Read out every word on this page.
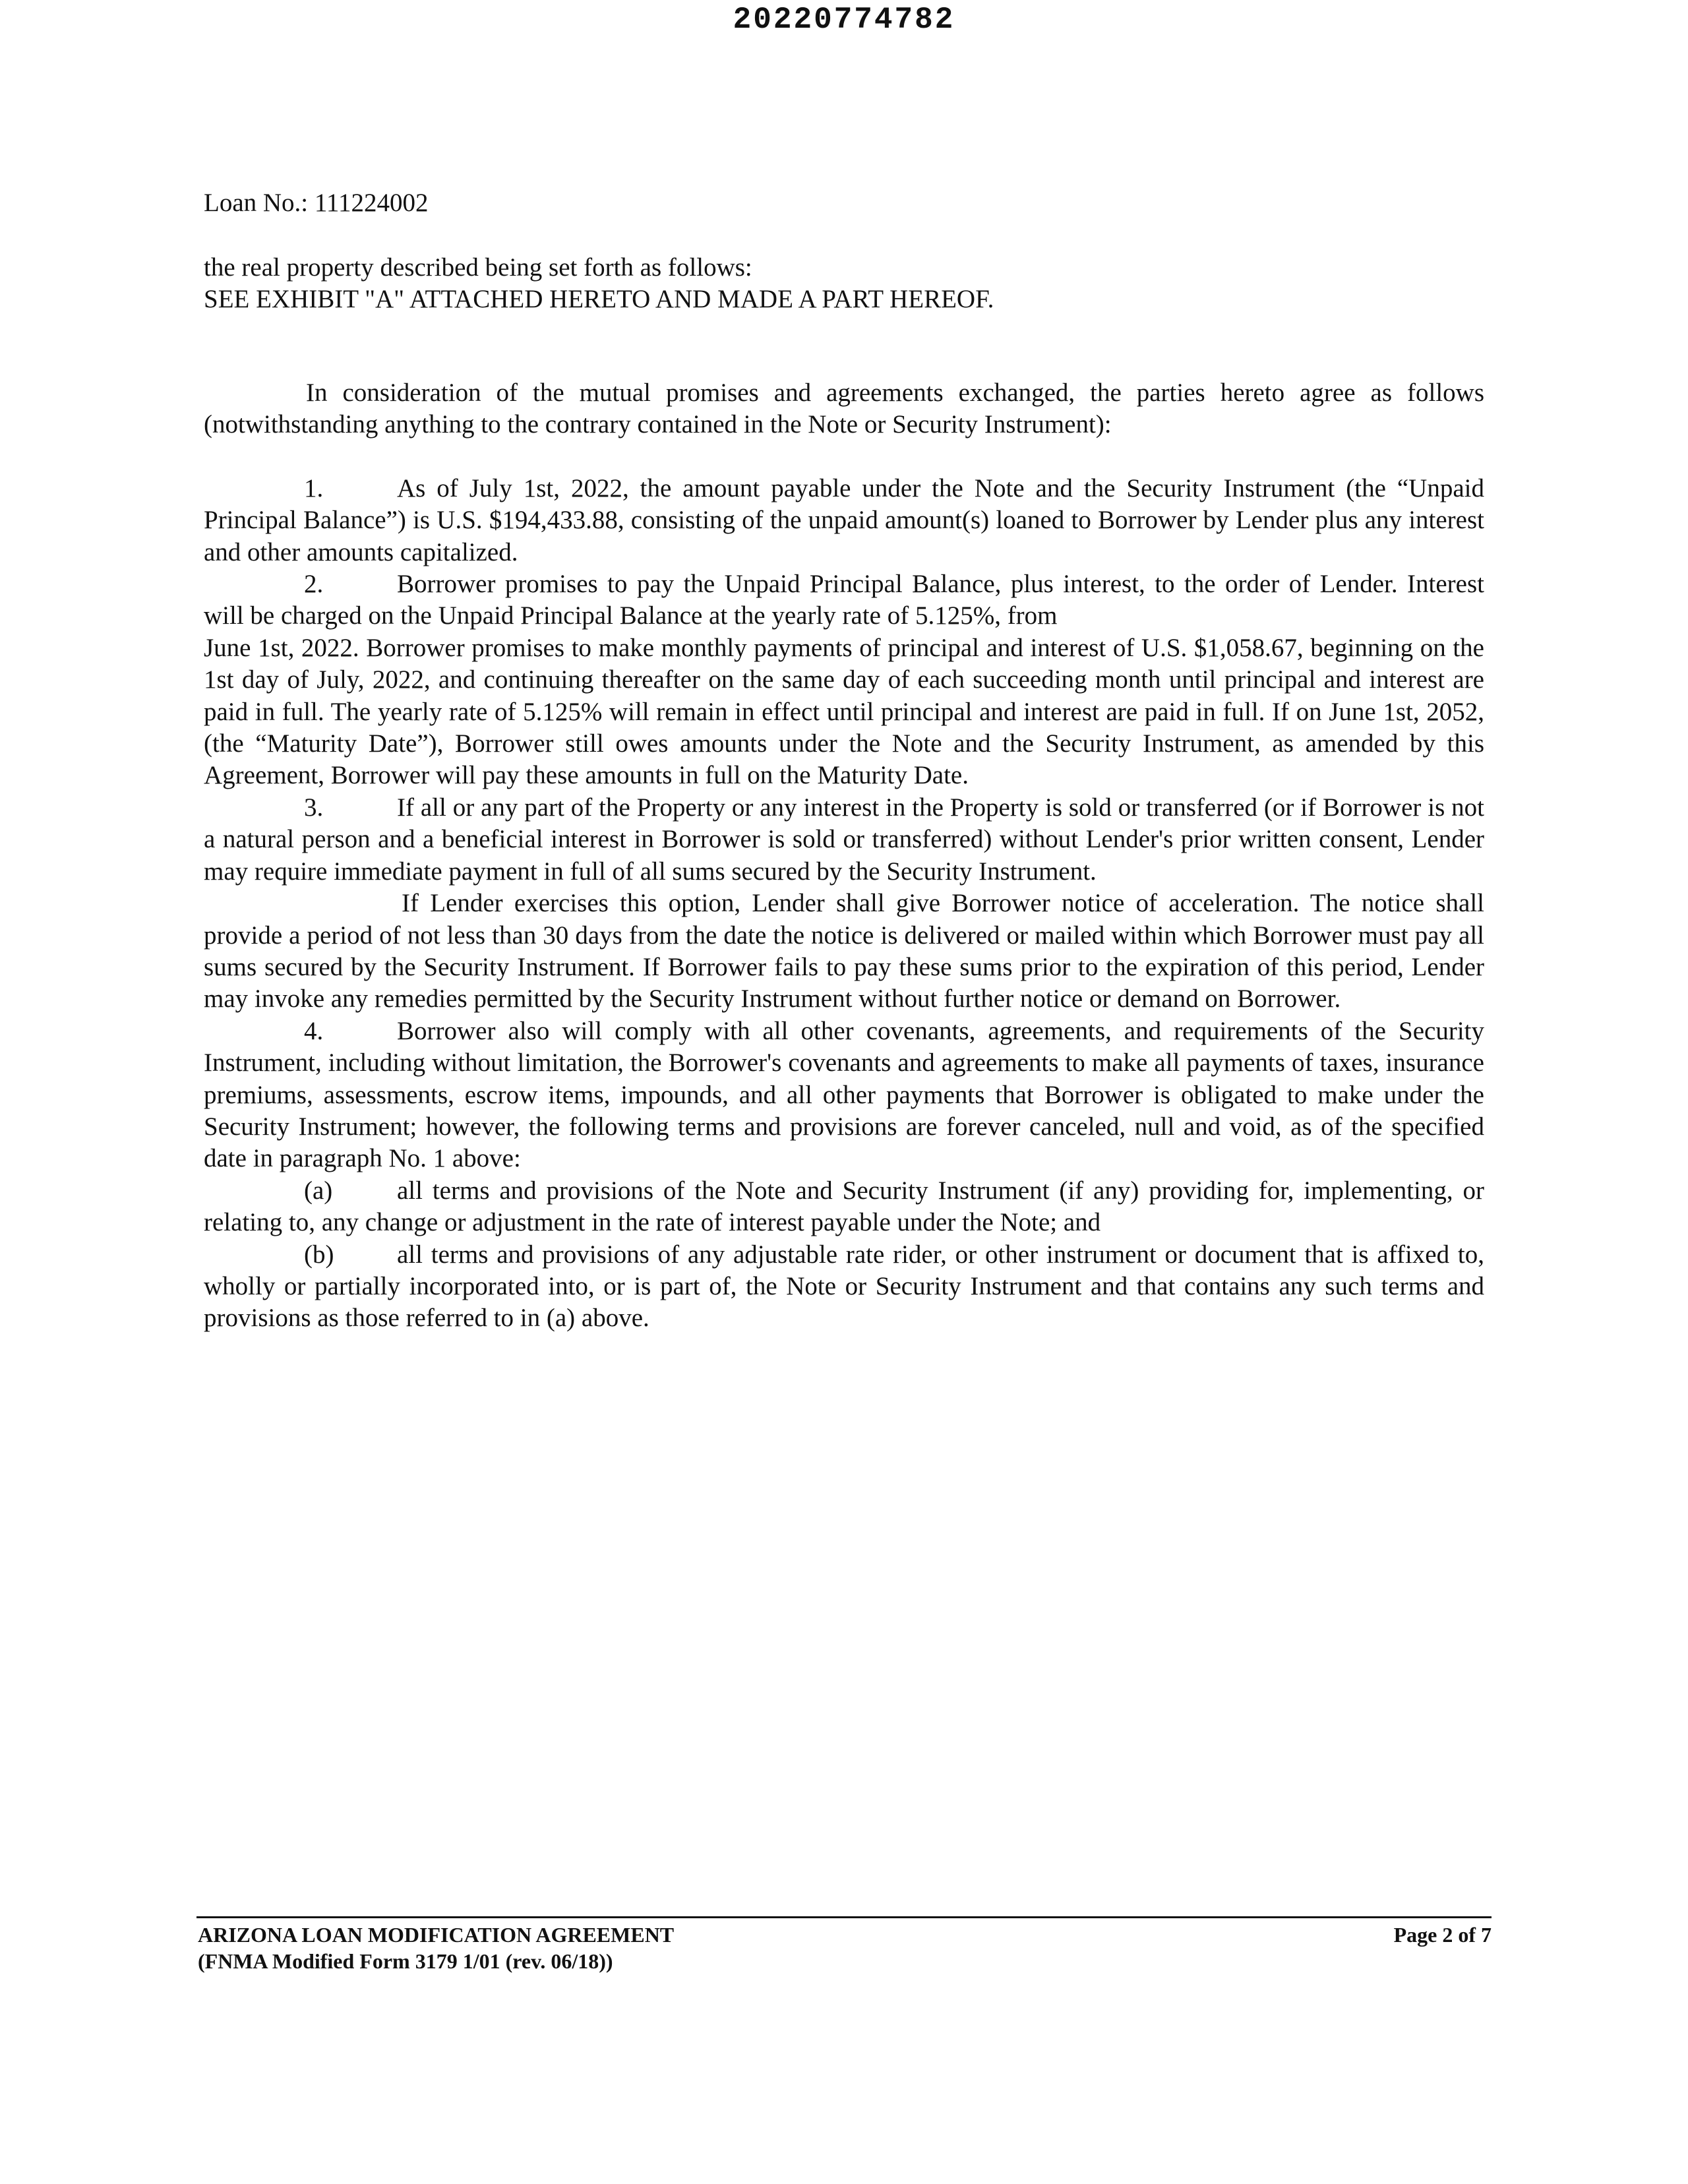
20220774782
Loan No.: 111224002
the real property described being set forth as follows:
SEE EXHIBIT "A" ATTACHED HERETO AND MADE A PART HEREOF.

In consideration of the mutual promises and agreements exchanged, the parties hereto agree as follows (notwithstanding anything to the contrary contained in the Note or Security Instrument):

1.	As of July 1st, 2022, the amount payable under the Note and the Security Instrument (the “Unpaid Principal Balance”) is U.S. $194,433.88, consisting of the unpaid amount(s) loaned to Borrower by Lender plus any interest and other amounts capitalized.

2.	Borrower promises to pay the Unpaid Principal Balance, plus interest, to the order of Lender. Interest will be charged on the Unpaid Principal Balance at the yearly rate of 5.125%, from

June 1st, 2022. Borrower promises to make monthly payments of principal and interest of U.S. $1,058.67, beginning on the 1st day of July, 2022, and continuing thereafter on the same day of each succeeding month until principal and interest are paid in full. The yearly rate of 5.125% will remain in effect until principal and interest are paid in full. If on June 1st, 2052, (the “Maturity Date”), Borrower still owes amounts under the Note and the Security Instrument, as amended by this Agreement, Borrower will pay these amounts in full on the Maturity Date.

3.	If all or any part of the Property or any interest in the Property is sold or transferred (or if Borrower is not a natural person and a beneficial interest in Borrower is sold or transferred) without Lender's prior written consent, Lender may require immediate payment in full of all sums secured by the Security Instrument.

If Lender exercises this option, Lender shall give Borrower notice of acceleration. The notice shall provide a period of not less than 30 days from the date the notice is delivered or mailed within which Borrower must pay all sums secured by the Security Instrument. If Borrower fails to pay these sums prior to the expiration of this period, Lender may invoke any remedies permitted by the Security Instrument without further notice or demand on Borrower.

4.	Borrower also will comply with all other covenants, agreements, and requirements of the Security Instrument, including without limitation, the Borrower's covenants and agreements to make all payments of taxes, insurance premiums, assessments, escrow items, impounds, and all other payments that Borrower is obligated to make under the Security Instrument; however, the following terms and provisions are forever canceled, null and void, as of the specified date in paragraph No. 1 above:

(a)	all terms and provisions of the Note and Security Instrument (if any) providing for, implementing, or relating to, any change or adjustment in the rate of interest payable under the Note; and

(b) all terms and provisions of any adjustable rate rider, or other instrument or document that is affixed to, wholly or partially incorporated into, or is part of, the Note or Security Instrument and that contains any such terms and provisions as those referred to in (a) above.

ARIZONA LOAN MODIFICATION AGREEMENT
(FNMA Modified Form 3179 1/01 (rev. 06/18))
Page 2 of 7
